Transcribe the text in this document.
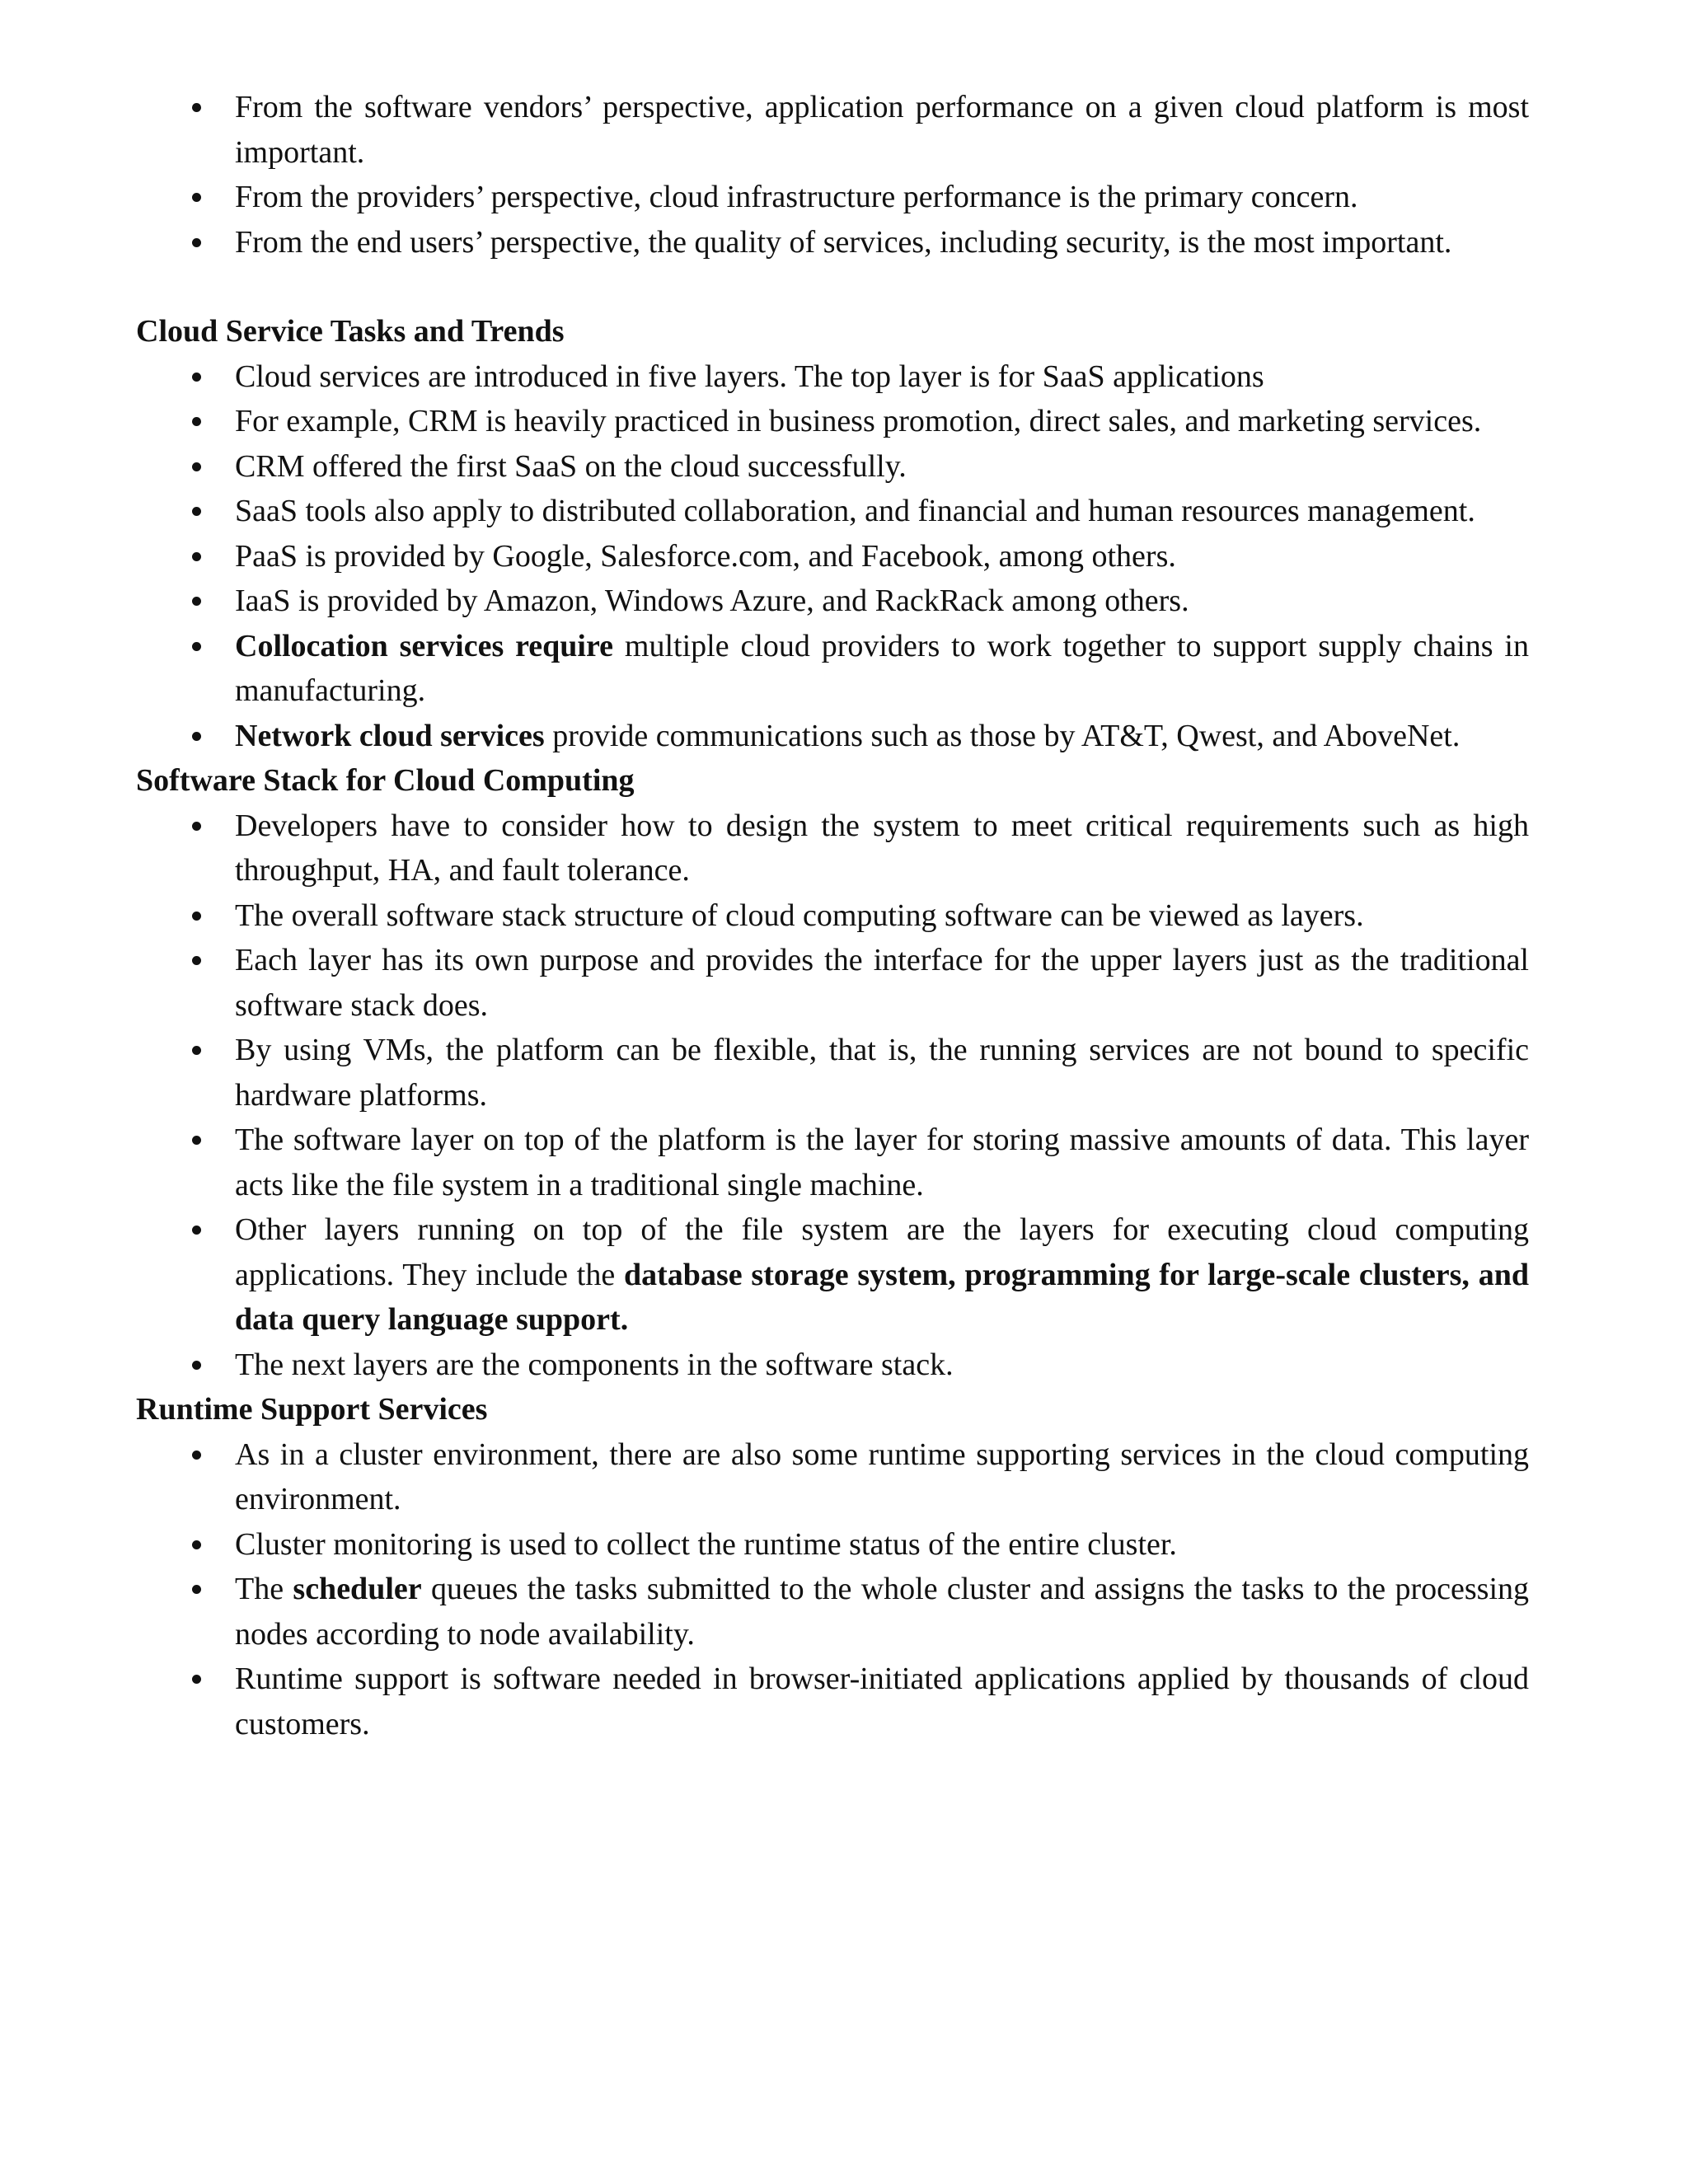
From the software vendors’ perspective, application performance on a given cloud platform is most important.
From the providers’ perspective, cloud infrastructure performance is the primary concern.
From the end users’ perspective, the quality of services, including security, is the most important.
Cloud Service Tasks and Trends
Cloud services are introduced in five layers. The top layer is for SaaS applications
For example, CRM is heavily practiced in business promotion, direct sales, and marketing services.
CRM offered the first SaaS on the cloud successfully.
SaaS tools also apply to distributed collaboration, and financial and human resources management.
PaaS is provided by Google, Salesforce.com, and Facebook, among others.
IaaS is provided by Amazon, Windows Azure, and RackRack among others.
Collocation services require multiple cloud providers to work together to support supply chains in manufacturing.
Network cloud services provide communications such as those by AT&T, Qwest, and AboveNet.
Software Stack for Cloud Computing
Developers have to consider how to design the system to meet critical requirements such as high throughput, HA, and fault tolerance.
The overall software stack structure of cloud computing software can be viewed as layers.
Each layer has its own purpose and provides the interface for the upper layers just as the traditional software stack does.
By using VMs, the platform can be flexible, that is, the running services are not bound to specific hardware platforms.
The software layer on top of the platform is the layer for storing massive amounts of data. This layer acts like the file system in a traditional single machine.
Other layers running on top of the file system are the layers for executing cloud computing applications. They include the database storage system, programming for large-scale clusters, and data query language support.
The next layers are the components in the software stack.
Runtime Support Services
As in a cluster environment, there are also some runtime supporting services in the cloud computing environment.
Cluster monitoring is used to collect the runtime status of the entire cluster.
The scheduler queues the tasks submitted to the whole cluster and assigns the tasks to the processing nodes according to node availability.
Runtime support is software needed in browser-initiated applications applied by thousands of cloud customers.
